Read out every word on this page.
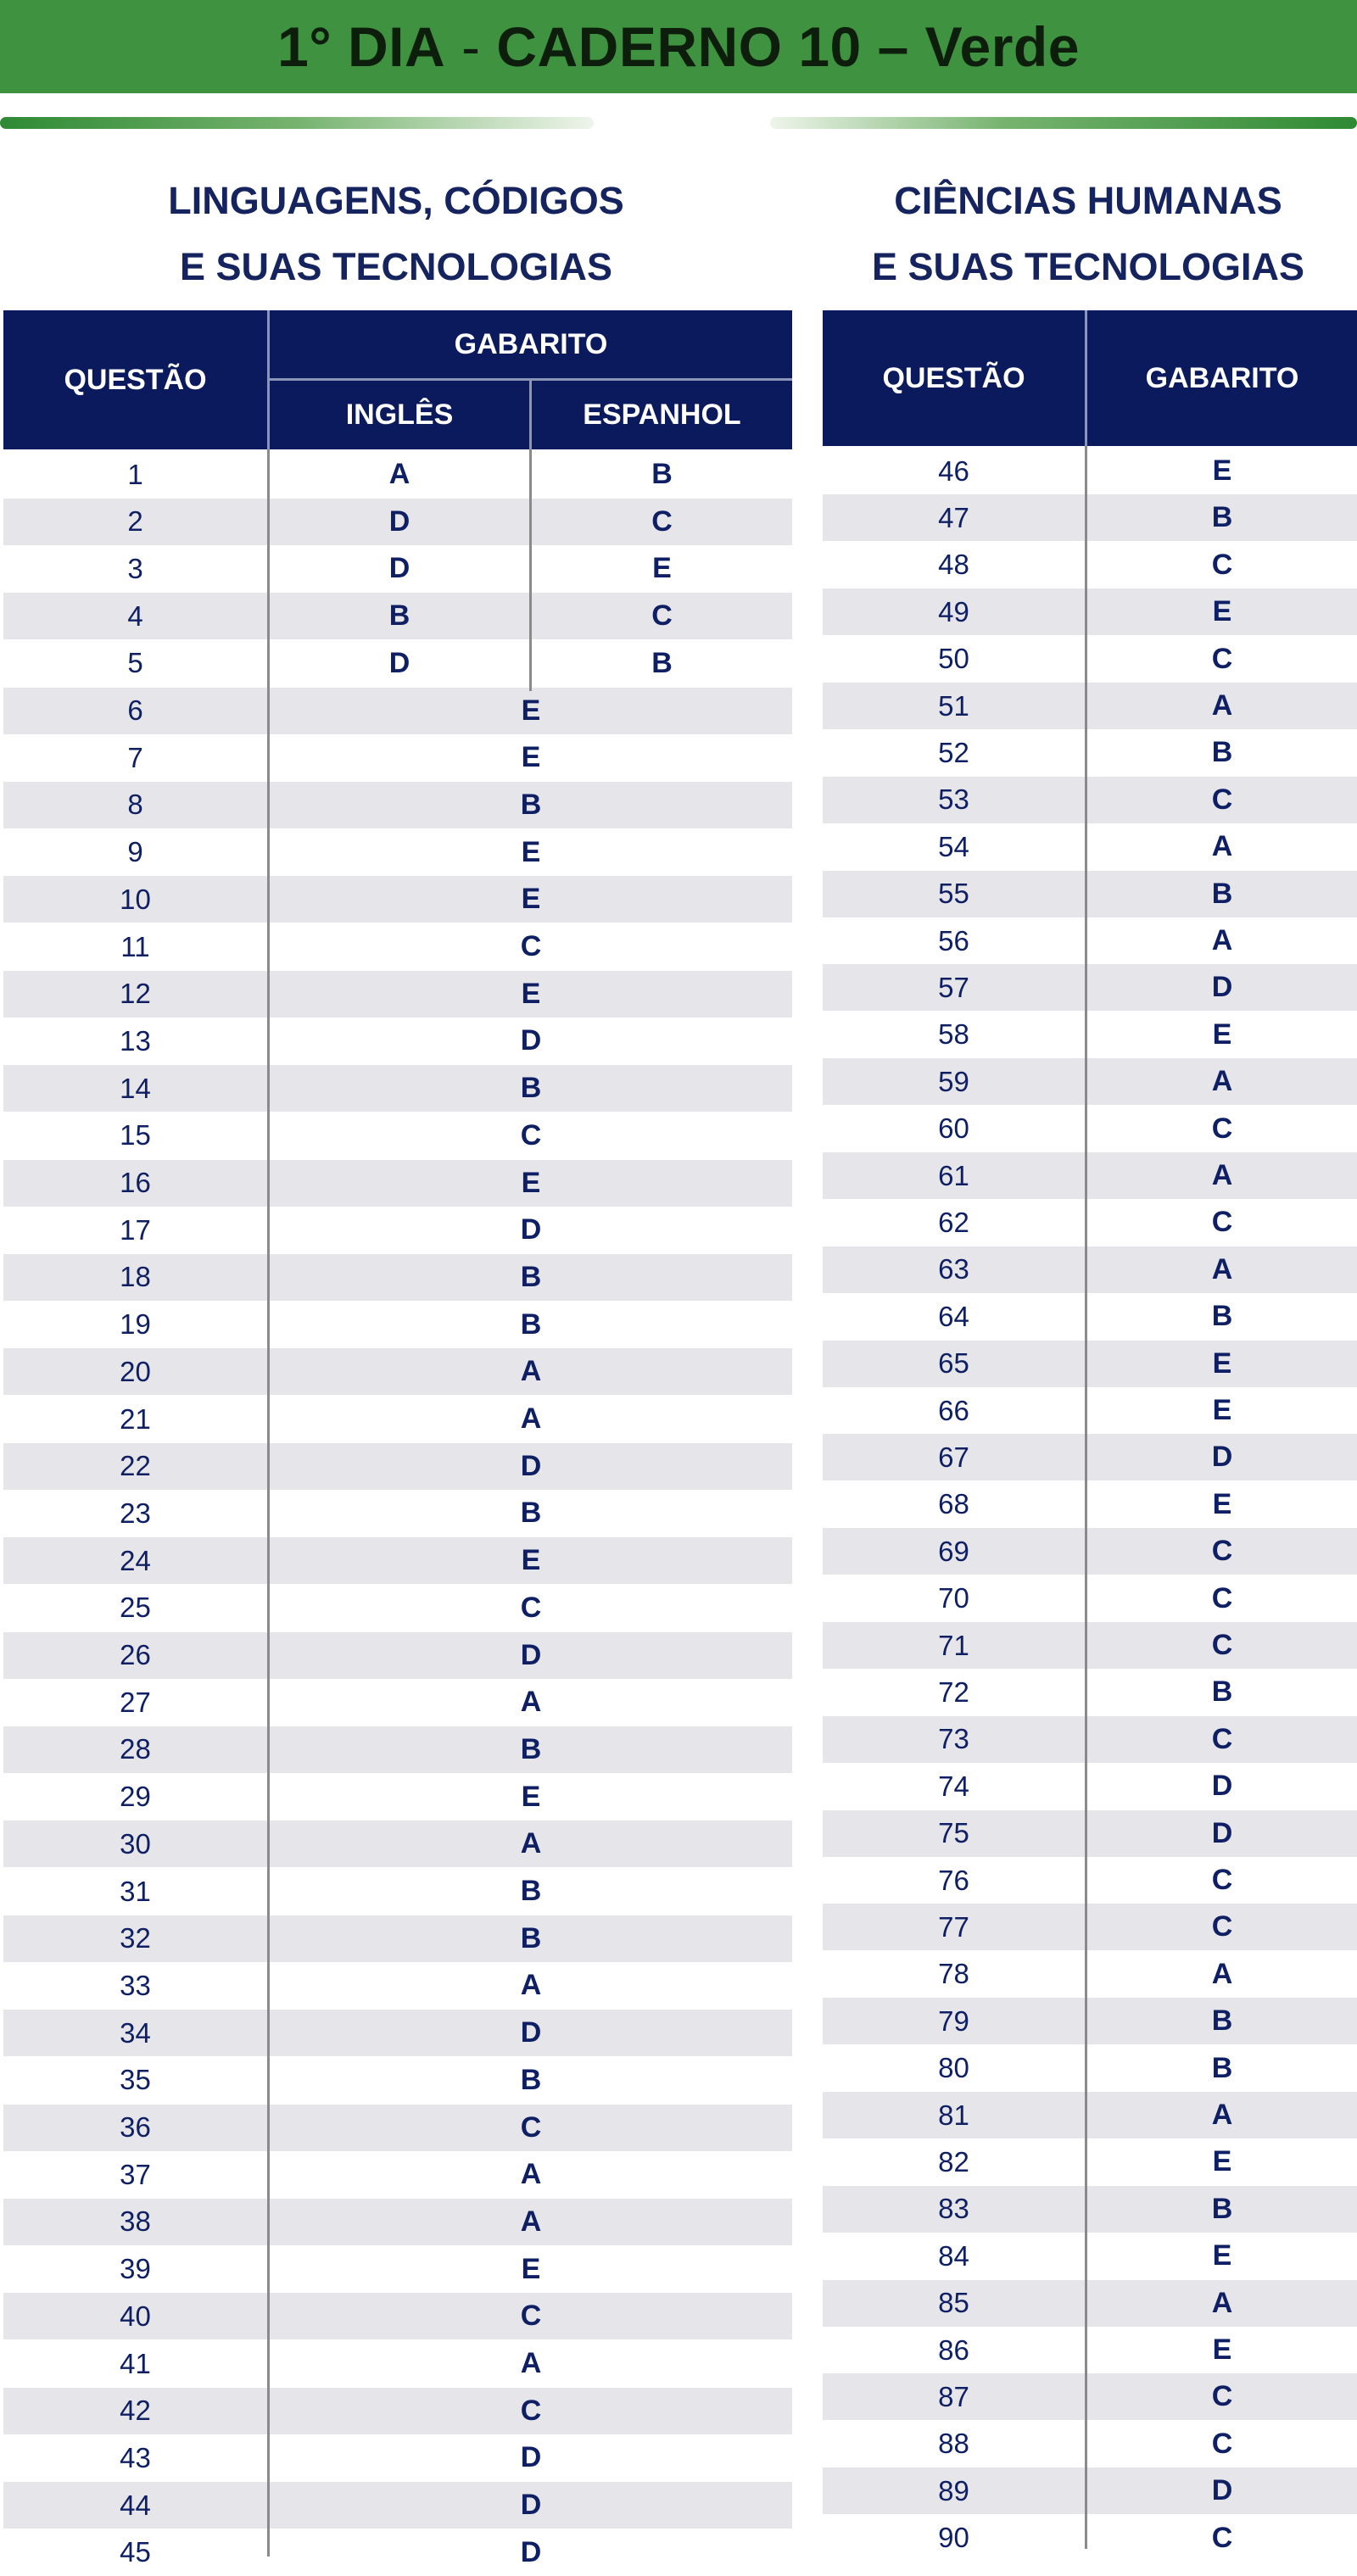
1° DIA - CADERNO 10 – Verde
LINGUAGENS, CÓDIGOS
E SUAS TECNOLOGIAS
QUESTÃO
GABARITO
INGLÊS	ESPANHOL
1	A	B
2	D	C
3	D	E
4	B	C
5	D	B
6	E
7	E
8	B
9	E
10	E
11	C
12	E
13	D
14	B
15	C
16	E
17	D
18	B
19	B
20	A
21	A
22	D
23	B
24	E
25	C
26	D
27	A
28	B
29	E
30	A
31	B
32	B
33	A
34	D
35	B
36	C
37	A
38	A
39	E
40	C
41	A
42	C
43	D
44	D
45	D
CIÊNCIAS HUMANAS
E SUAS TECNOLOGIAS
QUESTÃO	GABARITO
46	E
47	B
48	C
49	E
50	C
51	A
52	B
53	C
54	A
55	B
56	A
57	D
58	E
59	A
60	C
61	A
62	C
63	A
64	B
65	E
66	E
67	D
68	E
69	C
70	C
71	C
72	B
73	C
74	D
75	D
76	C
77	C
78	A
79	B
80	B
81	A
82	E
83	B
84	E
85	A
86	E
87	C
88	C
89	D
90	C
